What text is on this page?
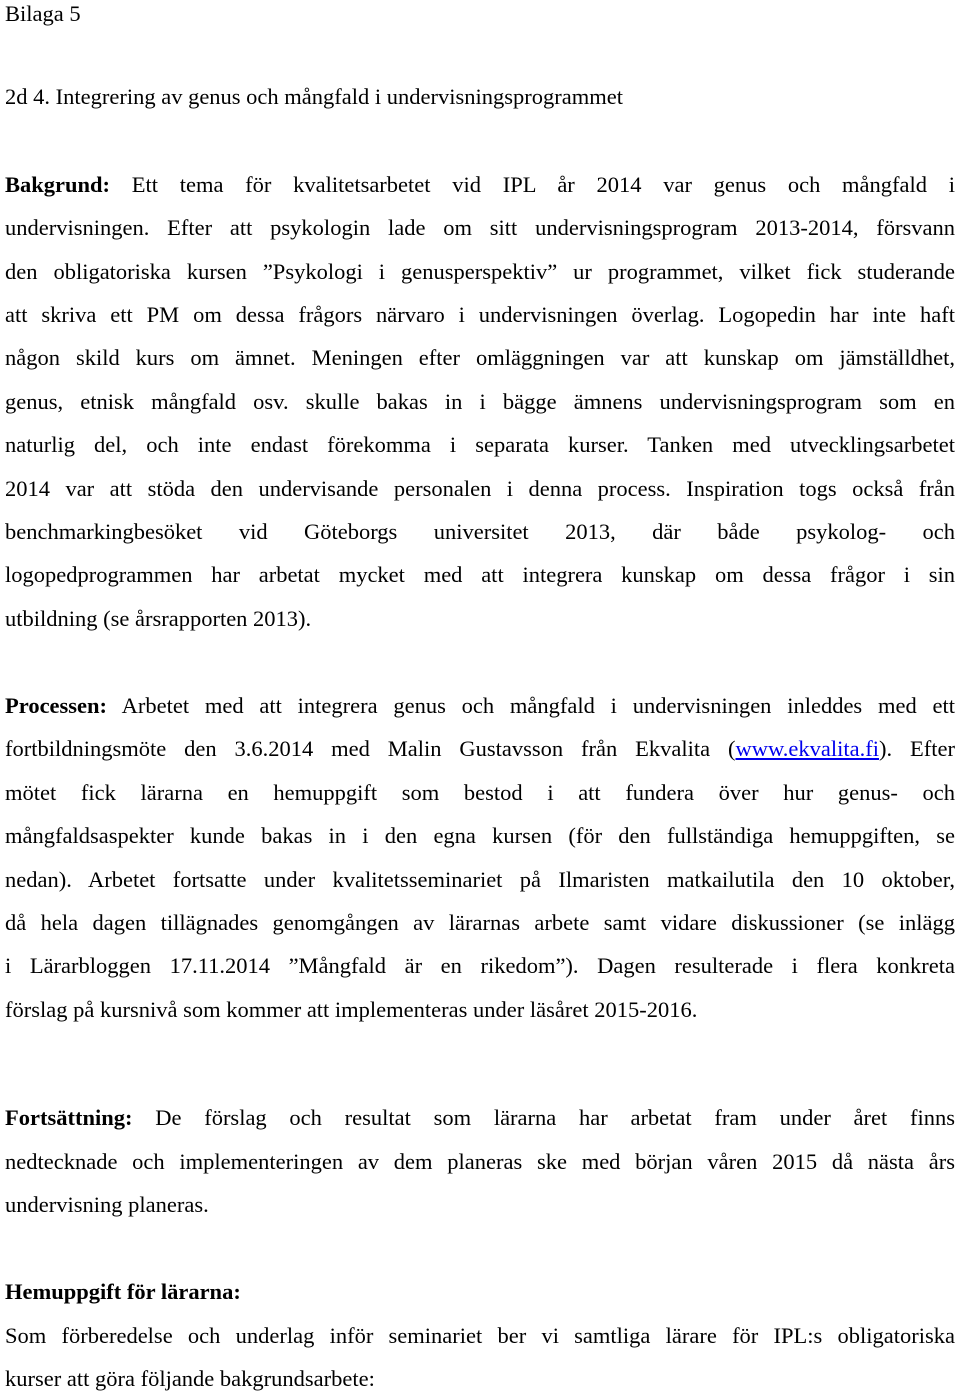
Bilaga 5
2d 4. Integrering av genus och mångfald i undervisningsprogrammet
Bakgrund: Ett tema för kvalitetsarbetet vid IPL år 2014 var genus och mångfald i
undervisningen. Efter att psykologin lade om sitt undervisningsprogram 2013-2014, försvann
den obligatoriska kursen ”Psykologi i genusperspektiv” ur programmet, vilket fick studerande
att skriva ett PM om dessa frågors närvaro i undervisningen överlag. Logopedin har inte haft
någon skild kurs om ämnet. Meningen efter omläggningen var att kunskap om jämställdhet,
genus, etnisk mångfald osv. skulle bakas in i bägge ämnens undervisningsprogram som en
naturlig del, och inte endast förekomma i separata kurser. Tanken med utvecklingsarbetet
2014 var att stöda den undervisande personalen i denna process. Inspiration togs också från
benchmarkingbesöket vid Göteborgs universitet 2013, där både psykolog- och
logopedprogrammen har arbetat mycket med att integrera kunskap om dessa frågor i sin
utbildning (se årsrapporten 2013).
Processen: Arbetet med att integrera genus och mångfald i undervisningen inleddes med ett
fortbildningsmöte den 3.6.2014 med Malin Gustavsson från Ekvalita (www.ekvalita.fi). Efter
mötet fick lärarna en hemuppgift som bestod i att fundera över hur genus- och
mångfaldsaspekter kunde bakas in i den egna kursen (för den fullständiga hemuppgiften, se
nedan). Arbetet fortsatte under kvalitetsseminariet på Ilmaristen matkailutila den 10 oktober,
då hela dagen tillägnades genomgången av lärarnas arbete samt vidare diskussioner (se inlägg
i Lärarbloggen 17.11.2014 ”Mångfald är en rikedom”). Dagen resulterade i flera konkreta
förslag på kursnivå som kommer att implementeras under läsåret 2015-2016.
Fortsättning: De förslag och resultat som lärarna har arbetat fram under året finns
nedtecknade och implementeringen av dem planeras ske med början våren 2015 då nästa års
undervisning planeras.
Hemuppgift för lärarna:
Som förberedelse och underlag inför seminariet ber vi samtliga lärare för IPL:s obligatoriska
kurser att göra följande bakgrundsarbete:
